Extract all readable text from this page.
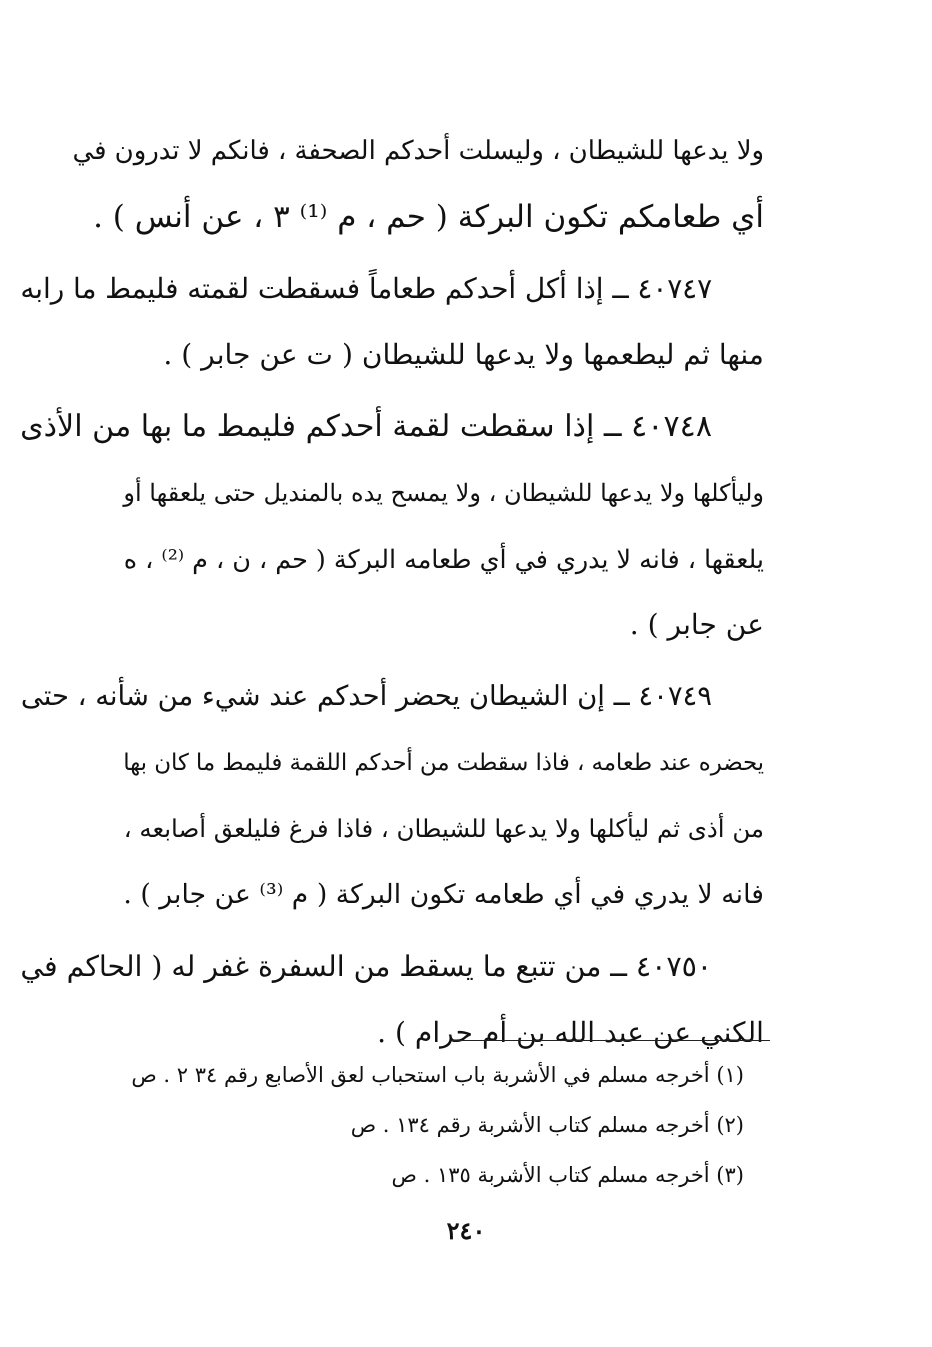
ولا يدعها للشيطان ، وليسلت أحدكم الصحفة ، فانكم لا تدرون في
أي طعامكم تكون البركة ( حم ، م ⁽¹⁾ ٣ ، عن أنس ) .

٤٠٧٤٧ ــ إذا أكل أحدكم طعاماً فسقطت لقمته فليمط ما رابه
منها ثم ليطعمها ولا يدعها للشيطان ( ت عن جابر ) .

٤٠٧٤٨ ــ إذا سقطت لقمة أحدكم فليمط ما بها من الأذى
وليأكلها ولا يدعها للشيطان ، ولا يمسح يده بالمنديل حتى يلعقها أو
يلعقها ، فانه لا يدري في أي طعامه البركة ( حم ، ن ، م ⁽²⁾ ، ه
عن جابر ) .

٤٠٧٤٩ ــ إن الشيطان يحضر أحدكم عند شيء من شأنه ، حتى
يحضره عند طعامه ، فاذا سقطت من أحدكم اللقمة فليمط ما كان بها
من أذى ثم ليأكلها ولا يدعها للشيطان ، فاذا فرغ فليلعق أصابعه ،
فانه لا يدري في أي طعامه تكون البركة ( م ⁽³⁾ عن جابر ) .

٤٠٧٥٠ ــ من تتبع ما يسقط من السفرة غفر له ( الحاكم في
الكني عن عبد الله بن أم حرام ) .

(١) أخرجه مسلم في الأشربة باب استحباب لعق الأصابع رقم ٣٤ ٢ . ص
(٢) أخرجه مسلم كتاب الأشربة رقم ١٣٤ . ص
(٣) أخرجه مسلم كتاب الأشربة ١٣٥ . ص
٢٤٠
